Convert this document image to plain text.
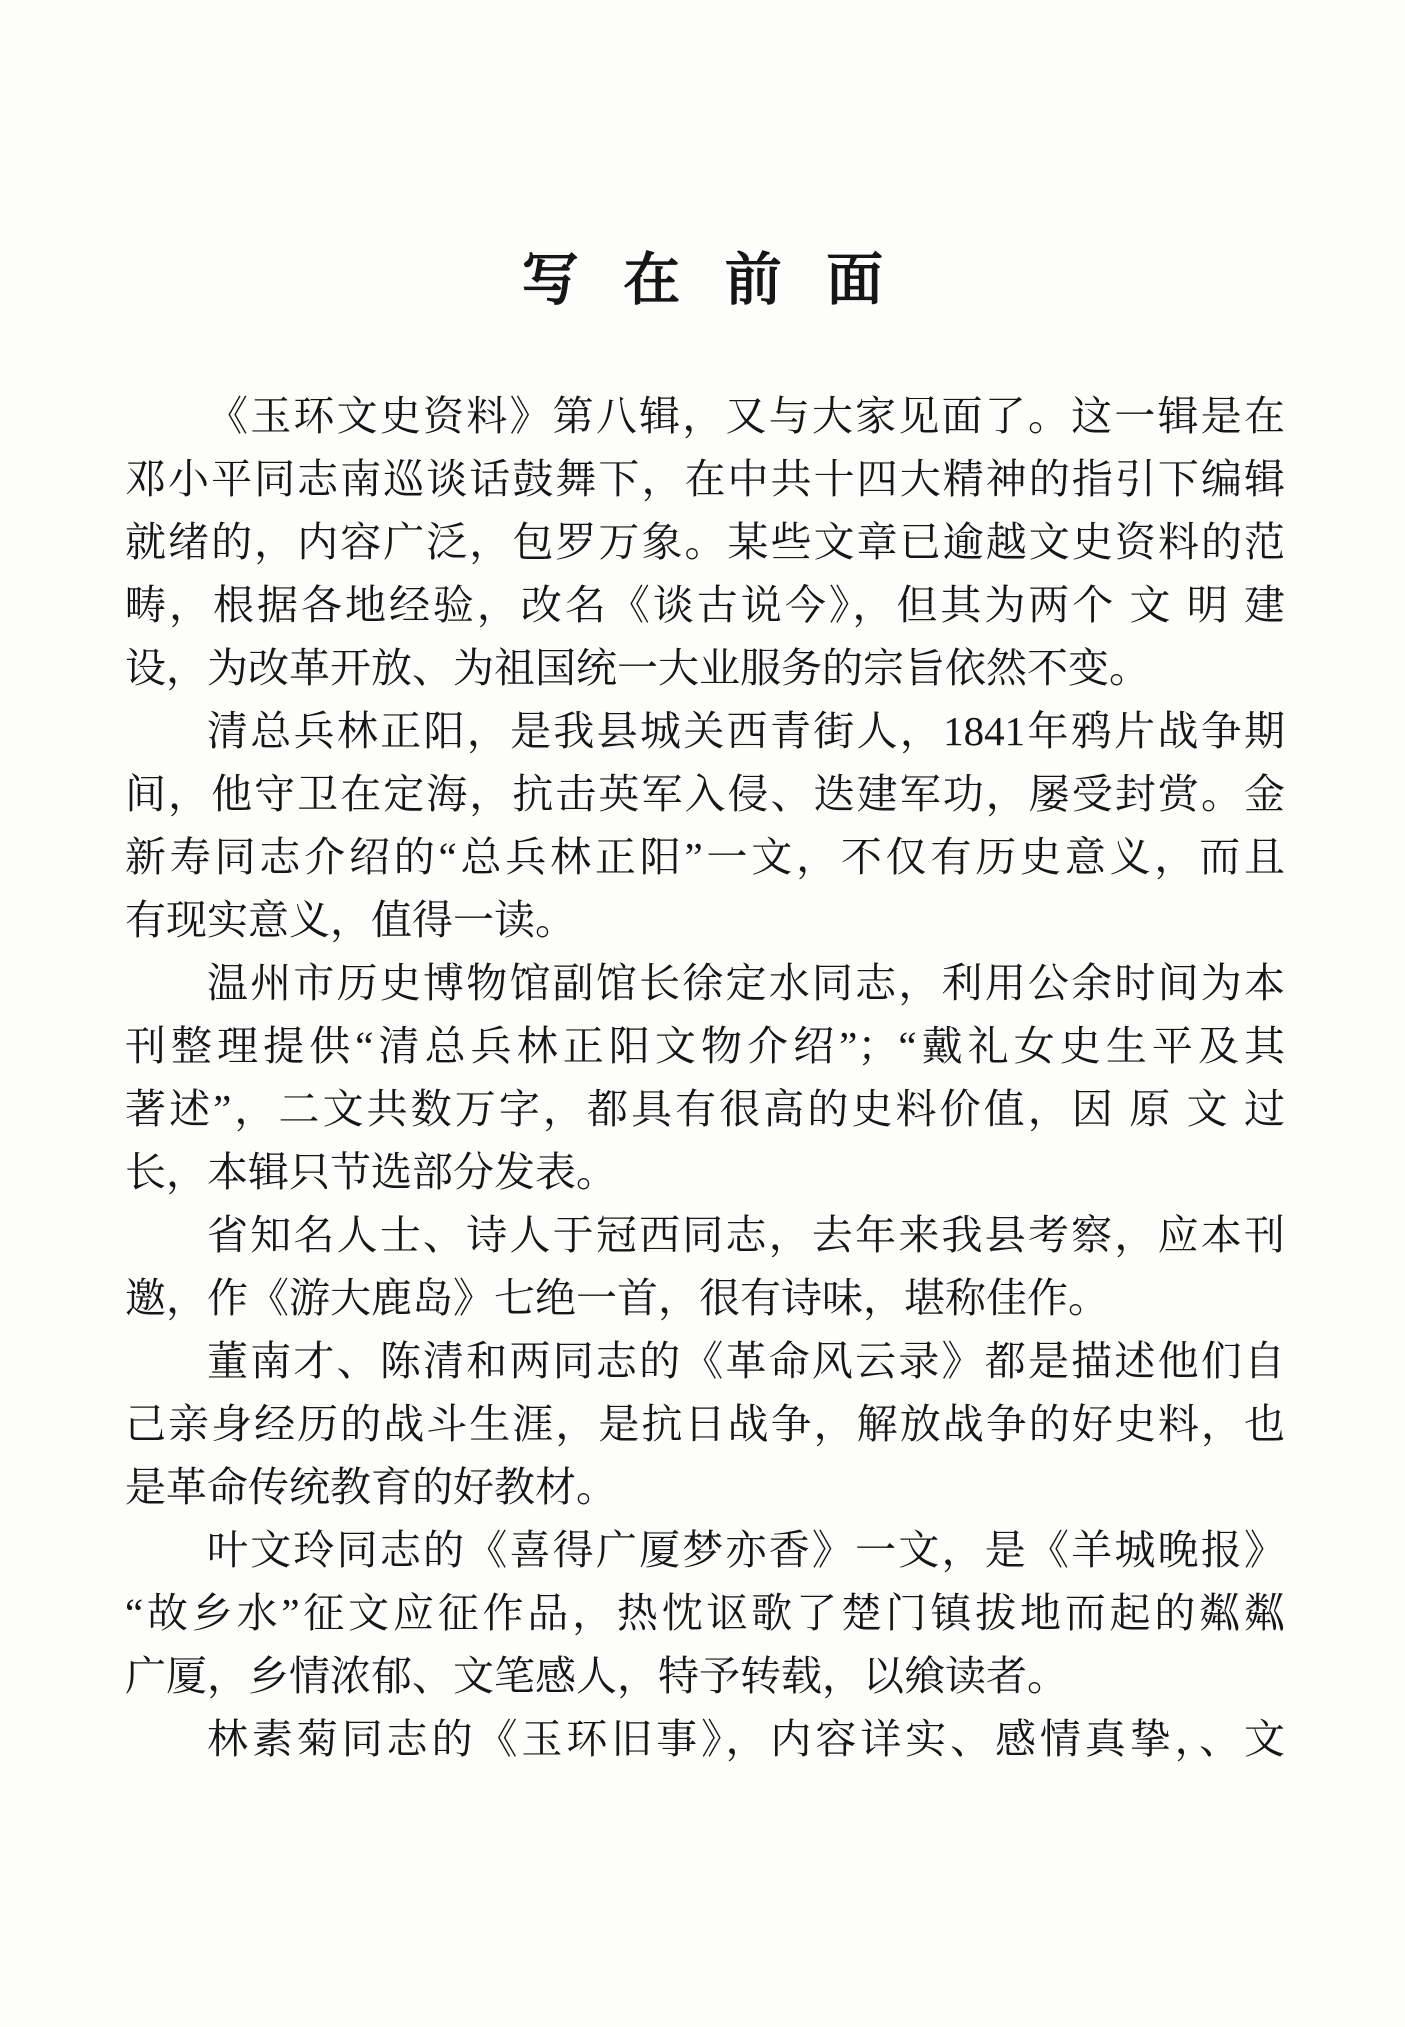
写在前面
《玉环文史资料》第八辑，又与大家见面了。这一辑是在
邓小平同志南巡谈话鼓舞下，在中共十四大精神的指引下编辑
就绪的，内容广泛，包罗万象。某些文章已逾越文史资料的范
畴，根据各地经验，改名《谈古说今》，但其为两个 文 明 建
设，为改革开放、为祖国统一大业服务的宗旨依然不变。
清总兵林正阳，是我县城关西青街人，1841年鸦片战争期
间，他守卫在定海，抗击英军入侵、迭建军功，屡受封赏。金
新寿同志介绍的“总兵林正阳”一文，不仅有历史意义，而且
有现实意义，值得一读。
温州市历史博物馆副馆长徐定水同志，利用公余时间为本
刊整理提供“清总兵林正阳文物介绍”；“戴礼女史生平及其
著述”，二文共数万字，都具有很高的史料价值，因 原 文 过
长，本辑只节选部分发表。
省知名人士、诗人于冠西同志，去年来我县考察，应本刊
邀，作《游大鹿岛》七绝一首，很有诗味，堪称佳作。
董南才、陈清和两同志的《革命风云录》都是描述他们自
己亲身经历的战斗生涯，是抗日战争，解放战争的好史料，也
是革命传统教育的好教材。
叶文玲同志的《喜得广厦梦亦香》一文，是《羊城晚报》
“故乡水”征文应征作品，热忱讴歌了楚门镇拔地而起的粼粼
广厦，乡情浓郁、文笔感人，特予转载，以飨读者。
林素菊同志的《玉环旧事》，内容详实、感情真挚，、文
